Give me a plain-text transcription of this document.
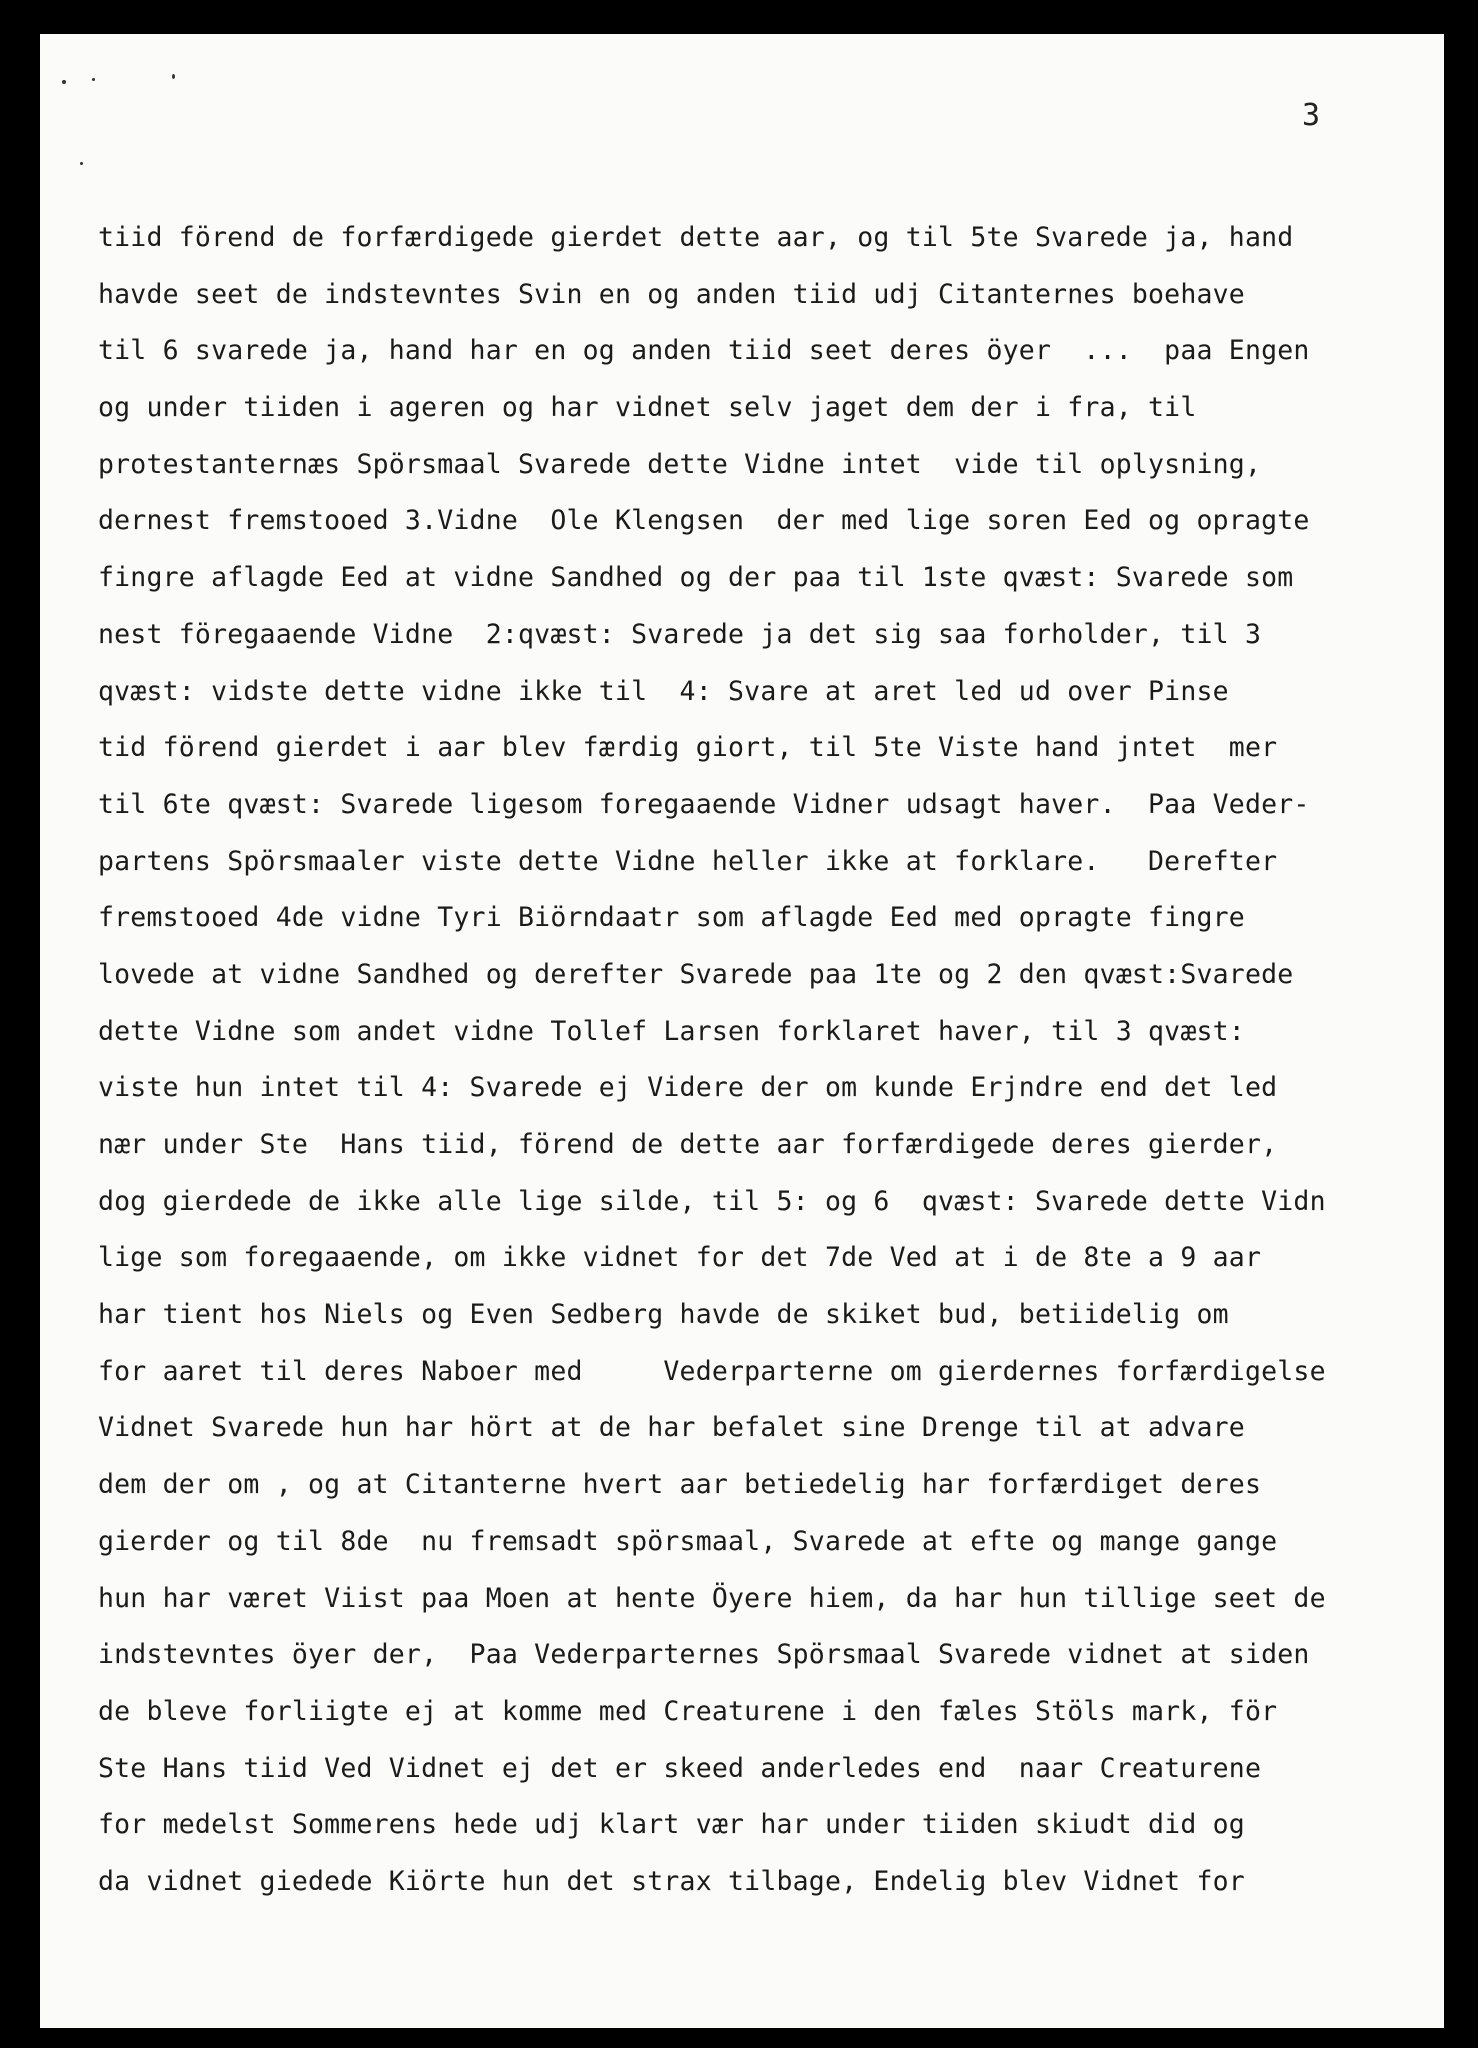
3
tiid förend de forfærdigede gierdet dette aar, og til 5te Svarede ja, hand
havde seet de indstevntes Svin en og anden tiid udj Citanternes boehave
til 6 svarede ja, hand har en og anden tiid seet deres öyer  ...  paa Engen
og under tiiden i ageren og har vidnet selv jaget dem der i fra, til
protestanternæs Spörsmaal Svarede dette Vidne intet  vide til oplysning,
dernest fremstooed 3.Vidne  Ole Klengsen  der med lige soren Eed og opragte
fingre aflagde Eed at vidne Sandhed og der paa til 1ste qvæst: Svarede som
nest föregaaende Vidne  2:qvæst: Svarede ja det sig saa forholder, til 3
qvæst: vidste dette vidne ikke til  4: Svare at aret led ud over Pinse
tid förend gierdet i aar blev færdig giort, til 5te Viste hand jntet  mer
til 6te qvæst: Svarede ligesom foregaaende Vidner udsagt haver.  Paa Veder-
partens Spörsmaaler viste dette Vidne heller ikke at forklare.   Derefter
fremstooed 4de vidne Tyri Biörndaatr som aflagde Eed med opragte fingre
lovede at vidne Sandhed og derefter Svarede paa 1te og 2 den qvæst:Svarede
dette Vidne som andet vidne Tollef Larsen forklaret haver, til 3 qvæst:
viste hun intet til 4: Svarede ej Videre der om kunde Erjndre end det led
nær under Ste  Hans tiid, förend de dette aar forfærdigede deres gierder,
dog gierdede de ikke alle lige silde, til 5: og 6  qvæst: Svarede dette Vidn
lige som foregaaende, om ikke vidnet for det 7de Ved at i de 8te a 9 aar
har tient hos Niels og Even Sedberg havde de skiket bud, betiidelig om
for aaret til deres Naboer med     Vederparterne om gierdernes forfærdigelse
Vidnet Svarede hun har hört at de har befalet sine Drenge til at advare
dem der om , og at Citanterne hvert aar betiedelig har forfærdiget deres
gierder og til 8de  nu fremsadt spörsmaal, Svarede at efte og mange gange
hun har været Viist paa Moen at hente Öyere hiem, da har hun tillige seet de
indstevntes öyer der,  Paa Vederparternes Spörsmaal Svarede vidnet at siden
de bleve forliigte ej at komme med Creaturene i den fæles Stöls mark, för
Ste Hans tiid Ved Vidnet ej det er skeed anderledes end  naar Creaturene
for medelst Sommerens hede udj klart vær har under tiiden skiudt did og
da vidnet giedede Kiörte hun det strax tilbage, Endelig blev Vidnet for
